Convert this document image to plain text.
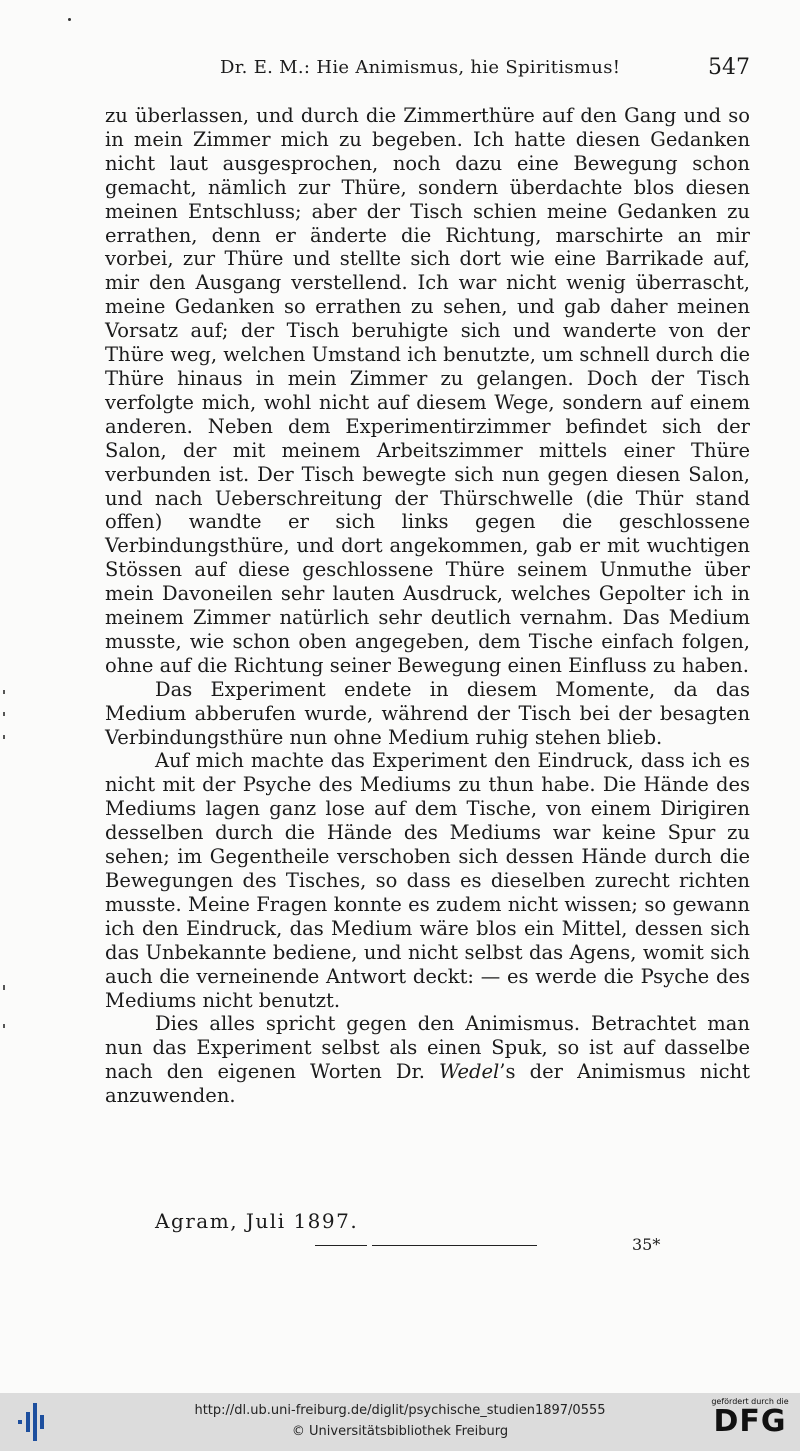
Dr. E. M.: Hie Animismus, hie Spiritismus!	547

zu überlassen, und durch die Zimmerthüre auf den Gang und so in mein Zimmer mich zu begeben. Ich hatte diesen Gedanken nicht laut ausgesprochen, noch dazu eine Bewegung schon gemacht, nämlich zur Thüre, sondern überdachte blos diesen meinen Entschluss; aber der Tisch schien meine Gedanken zu errathen, denn er änderte die Richtung, marschirte an mir vorbei, zur Thüre und stellte sich dort wie eine Barrikade auf, mir den Ausgang verstellend. Ich war nicht wenig überrascht, meine Gedanken so errathen zu sehen, und gab daher meinen Vorsatz auf; der Tisch beruhigte sich und wanderte von der Thüre weg, welchen Umstand ich benutzte, um schnell durch die Thüre hinaus in mein Zimmer zu gelangen. Doch der Tisch verfolgte mich, wohl nicht auf diesem Wege, sondern auf einem anderen. Neben dem Experimentirzimmer befindet sich der Salon, der mit meinem Arbeitszimmer mittels einer Thüre verbunden ist. Der Tisch bewegte sich nun gegen diesen Salon, und nach Ueberschreitung der Thürschwelle (die Thür stand offen) wandte er sich links gegen die geschlossene Verbindungsthüre, und dort angekommen, gab er mit wuchtigen Stössen auf diese geschlossene Thüre seinem Unmuthe über mein Davoneilen sehr lauten Ausdruck, welches Gepolter ich in meinem Zimmer natürlich sehr deutlich vernahm. Das Medium musste, wie schon oben angegeben, dem Tische einfach folgen, ohne auf die Richtung seiner Bewegung einen Einfluss zu haben.

Das Experiment endete in diesem Momente, da das Medium abberufen wurde, während der Tisch bei der besagten Verbindungsthüre nun ohne Medium ruhig stehen blieb.

Auf mich machte das Experiment den Eindruck, dass ich es nicht mit der Psyche des Mediums zu thun habe. Die Hände des Mediums lagen ganz lose auf dem Tische, von einem Dirigiren desselben durch die Hände des Mediums war keine Spur zu sehen; im Gegentheile verschoben sich dessen Hände durch die Bewegungen des Tisches, so dass es dieselben zurecht richten musste. Meine Fragen konnte es zudem nicht wissen; so gewann ich den Eindruck, das Medium wäre blos ein Mittel, dessen sich das Unbekannte bediene, und nicht selbst das Agens, womit sich auch die verneinende Antwort deckt: — es werde die Psyche des Mediums nicht benutzt.

Dies alles spricht gegen den Animismus. Betrachtet man nun das Experiment selbst als einen Spuk, so ist auf dasselbe nach den eigenen Worten Dr. Wedel’s der Animismus nicht anzuwenden.

Agram, Juli 1897.
35*
http://dl.ub.uni-freiburg.de/diglit/psychische_studien1897/0555
© Universitätsbibliothek Freiburg
gefördert durch die
DFG
